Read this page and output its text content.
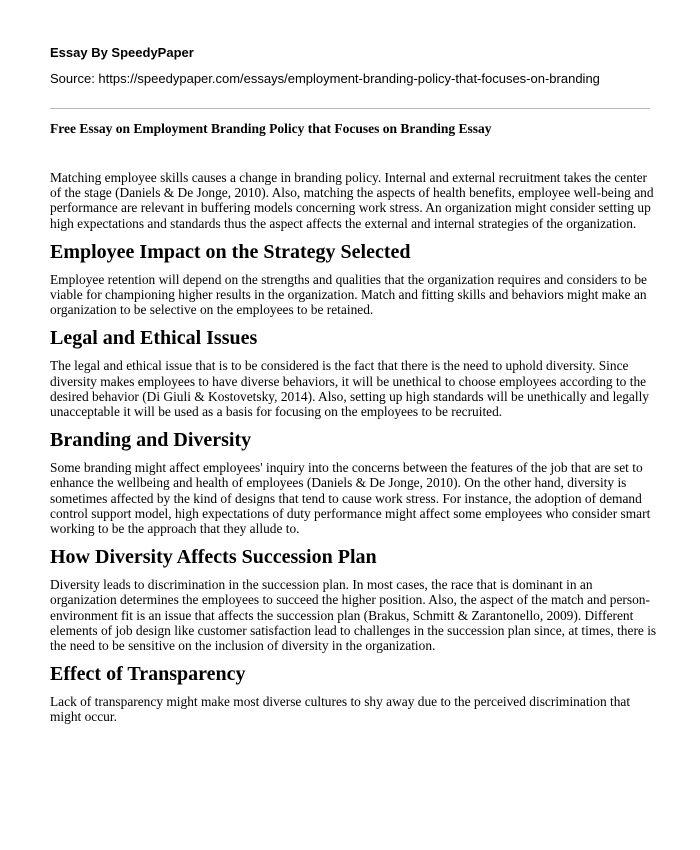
Essay By SpeedyPaper
Source: https://speedypaper.com/essays/employment-branding-policy-that-focuses-on-branding
Free Essay on Employment Branding Policy that Focuses on Branding Essay

Matching employee skills causes a change in branding policy. Internal and external recruitment takes the center of the stage (Daniels & De Jonge, 2010). Also, matching the aspects of health benefits, employee well-being and performance are relevant in buffering models concerning work stress. An organization might consider setting up high expectations and standards thus the aspect affects the external and internal strategies of the organization.

Employee Impact on the Strategy Selected

Employee retention will depend on the strengths and qualities that the organization requires and considers to be viable for championing higher results in the organization. Match and fitting skills and behaviors might make an organization to be selective on the employees to be retained.

Legal and Ethical Issues

The legal and ethical issue that is to be considered is the fact that there is the need to uphold diversity. Since diversity makes employees to have diverse behaviors, it will be unethical to choose employees according to the desired behavior (Di Giuli & Kostovetsky, 2014). Also, setting up high standards will be unethically and legally unacceptable it will be used as a basis for focusing on the employees to be recruited.

Branding and Diversity

Some branding might affect employees' inquiry into the concerns between the features of the job that are set to enhance the wellbeing and health of employees (Daniels & De Jonge, 2010). On the other hand, diversity is sometimes affected by the kind of designs that tend to cause work stress. For instance, the adoption of demand control support model, high expectations of duty performance might affect some employees who consider smart working to be the approach that they allude to.

How Diversity Affects Succession Plan

Diversity leads to discrimination in the succession plan. In most cases, the race that is dominant in an organization determines the employees to succeed the higher position. Also, the aspect of the match and person-environment fit is an issue that affects the succession plan (Brakus, Schmitt & Zarantonello, 2009). Different elements of job design like customer satisfaction lead to challenges in the succession plan since, at times, there is the need to be sensitive on the inclusion of diversity in the organization.

Effect of Transparency

Lack of transparency might make most diverse cultures to shy away due to the perceived discrimination that might occur.
